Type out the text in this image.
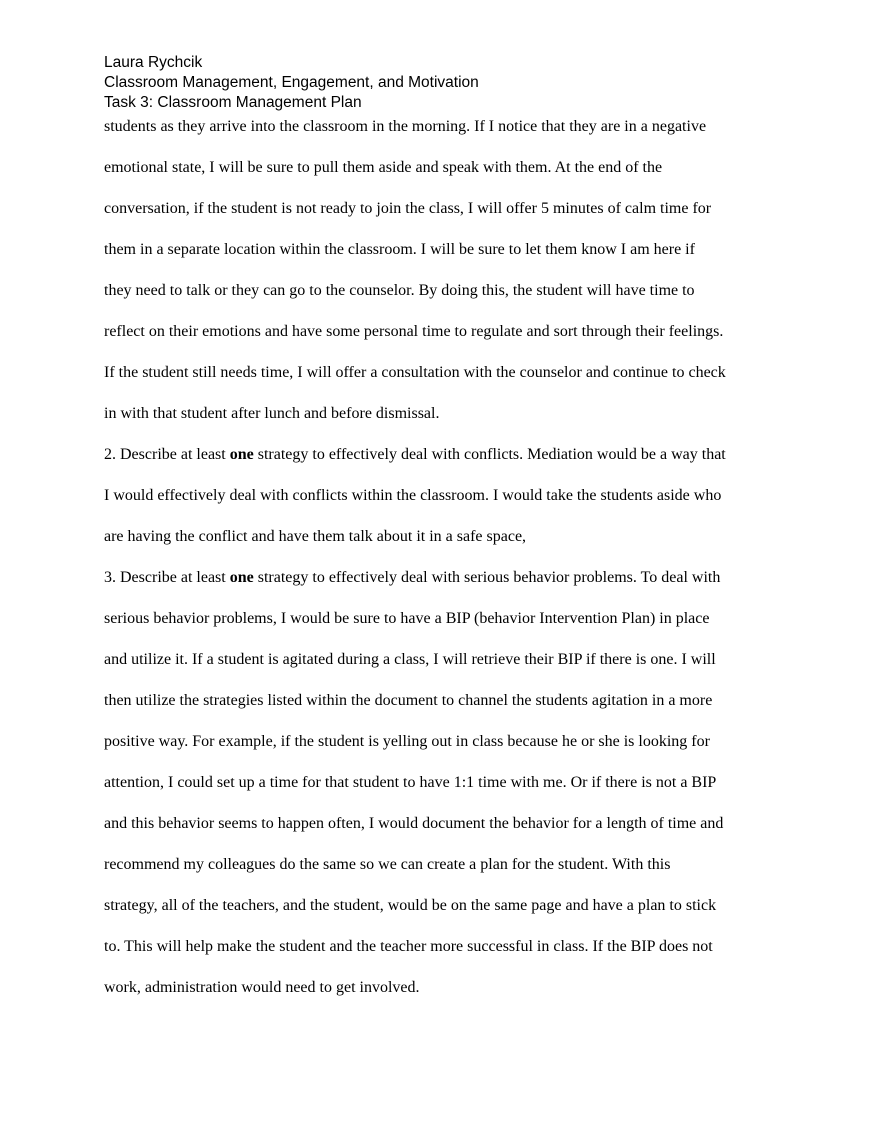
Laura Rychcik
Classroom Management, Engagement, and Motivation
Task 3: Classroom Management Plan
students as they arrive into the classroom in the morning. If I notice that they are in a negative
emotional state, I will be sure to pull them aside and speak with them. At the end of the
conversation, if the student is not ready to join the class, I will offer 5 minutes of calm time for
them in a separate location within the classroom. I will be sure to let them know I am here if
they need to talk or they can go to the counselor. By doing this, the student will have time to
reflect on their emotions and have some personal time to regulate and sort through their feelings.
If the student still needs time, I will offer a consultation with the counselor and continue to check
in with that student after lunch and before dismissal.
2. Describe at least one strategy to effectively deal with conflicts. Mediation would be a way that
I would effectively deal with conflicts within the classroom. I would take the students aside who
are having the conflict and have them talk about it in a safe space,
3. Describe at least one strategy to effectively deal with serious behavior problems. To deal with
serious behavior problems, I would be sure to have a BIP (behavior Intervention Plan) in place
and utilize it. If a student is agitated during a class, I will retrieve their BIP if there is one. I will
then utilize the strategies listed within the document to channel the students agitation in a more
positive way. For example, if the student is yelling out in class because he or she is looking for
attention, I could set up a time for that student to have 1:1 time with me. Or if there is not a BIP
and this behavior seems to happen often, I would document the behavior for a length of time and
recommend my colleagues do the same so we can create a plan for the student. With this
strategy, all of the teachers, and the student, would be on the same page and have a plan to stick
to. This will help make the student and the teacher more successful in class. If the BIP does not
work, administration would need to get involved.
